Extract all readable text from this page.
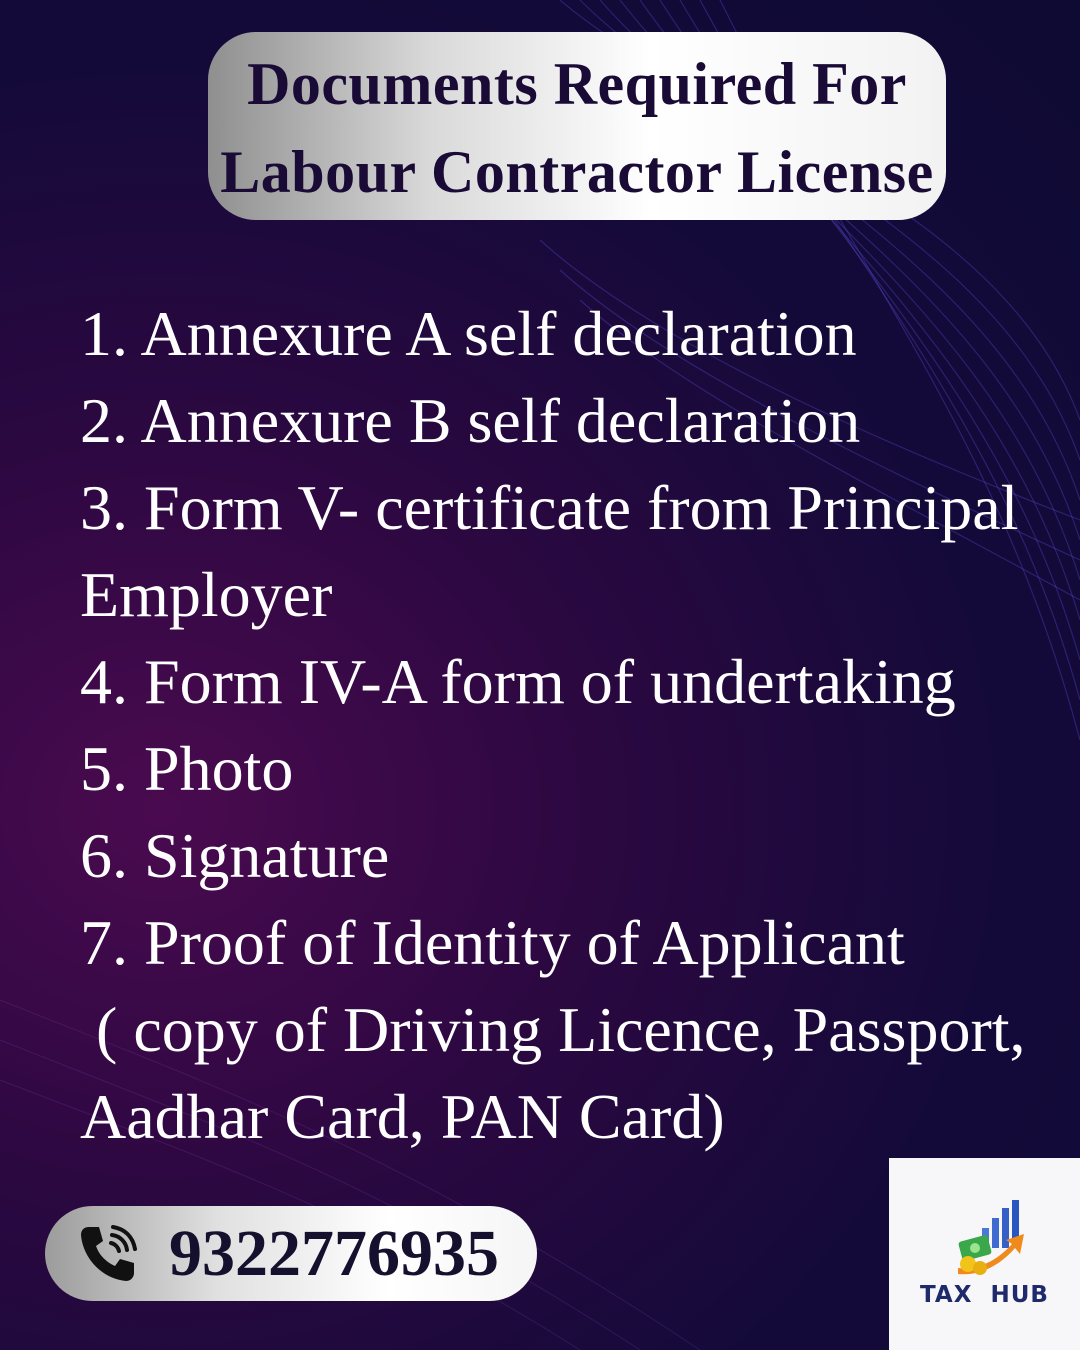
Documents Required For
Labour Contractor License
1. Annexure A self declaration
2. Annexure B self declaration
3. Form V- certificate from Principal
Employer
4. Form IV-A form of undertaking
5. Photo
6. Signature
7. Proof of Identity of Applicant
( copy of Driving Licence, Passport,
Aadhar Card, PAN Card)
9322776935
TAX  HUB
